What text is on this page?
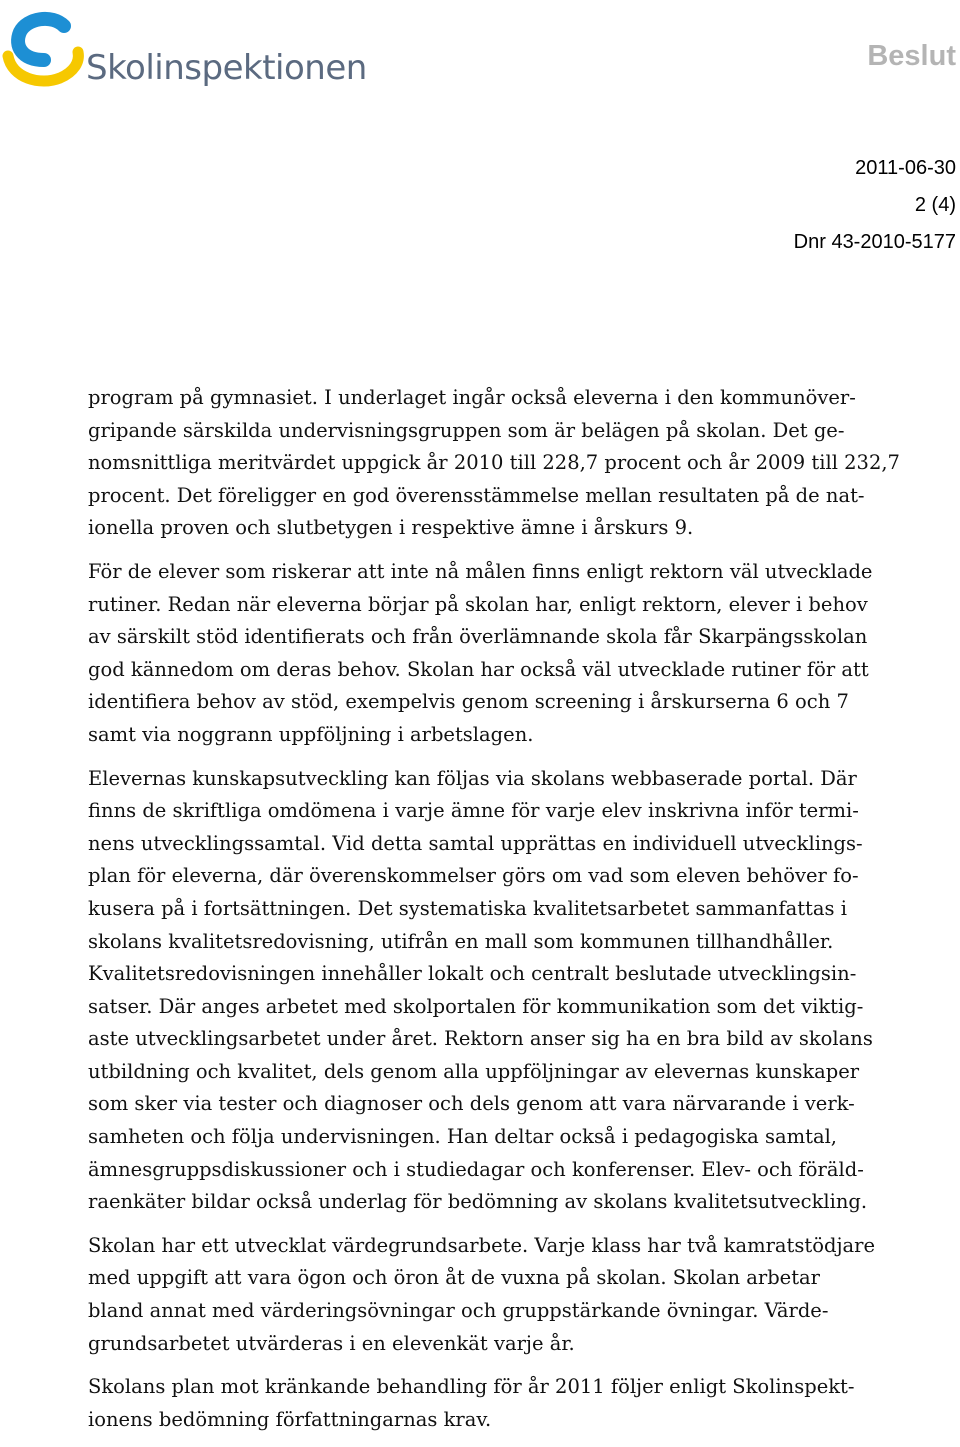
Skolinspektionen	Beslut
2011-06-30
2 (4)
Dnr 43-2010-5177
program på gymnasiet. I underlaget ingår också eleverna i den kommunöver-
gripande särskilda undervisningsgruppen som är belägen på skolan. Det ge-
nomsnittliga meritvärdet uppgick år 2010 till 228,7 procent och år 2009 till 232,7
procent. Det föreligger en god överensstämmelse mellan resultaten på de nat-
ionella proven och slutbetygen i respektive ämne i årskurs 9.
För de elever som riskerar att inte nå målen finns enligt rektorn väl utvecklade
rutiner. Redan när eleverna börjar på skolan har, enligt rektorn, elever i behov
av särskilt stöd identifierats och från överlämnande skola får Skarpängsskolan
god kännedom om deras behov. Skolan har också väl utvecklade rutiner för att
identifiera behov av stöd, exempelvis genom screening i årskurserna 6 och 7
samt via noggrann uppföljning i arbetslagen.
Elevernas kunskapsutveckling kan följas via skolans webbaserade portal. Där
finns de skriftliga omdömena i varje ämne för varje elev inskrivna inför termi-
nens utvecklingssamtal. Vid detta samtal upprättas en individuell utvecklings-
plan för eleverna, där överenskommelser görs om vad som eleven behöver fo-
kusera på i fortsättningen. Det systematiska kvalitetsarbetet sammanfattas i
skolans kvalitetsredovisning, utifrån en mall som kommunen tillhandhåller.
Kvalitetsredovisningen innehåller lokalt och centralt beslutade utvecklingsin-
satser. Där anges arbetet med skolportalen för kommunikation som det viktig-
aste utvecklingsarbetet under året. Rektorn anser sig ha en bra bild av skolans
utbildning och kvalitet, dels genom alla uppföljningar av elevernas kunskaper
som sker via tester och diagnoser och dels genom att vara närvarande i verk-
samheten och följa undervisningen. Han deltar också i pedagogiska samtal,
ämnesgruppsdiskussioner och i studiedagar och konferenser. Elev- och föräld-
raenkäter bildar också underlag för bedömning av skolans kvalitetsutveckling.
Skolan har ett utvecklat värdegrundsarbete. Varje klass har två kamratstödjare
med uppgift att vara ögon och öron åt de vuxna på skolan. Skolan arbetar
bland annat med värderingsövningar och gruppstärkande övningar. Värde-
grundsarbetet utvärderas i en elevenkät varje år.
Skolans plan mot kränkande behandling för år 2011 följer enligt Skolinspekt-
ionens bedömning författningarnas krav.
